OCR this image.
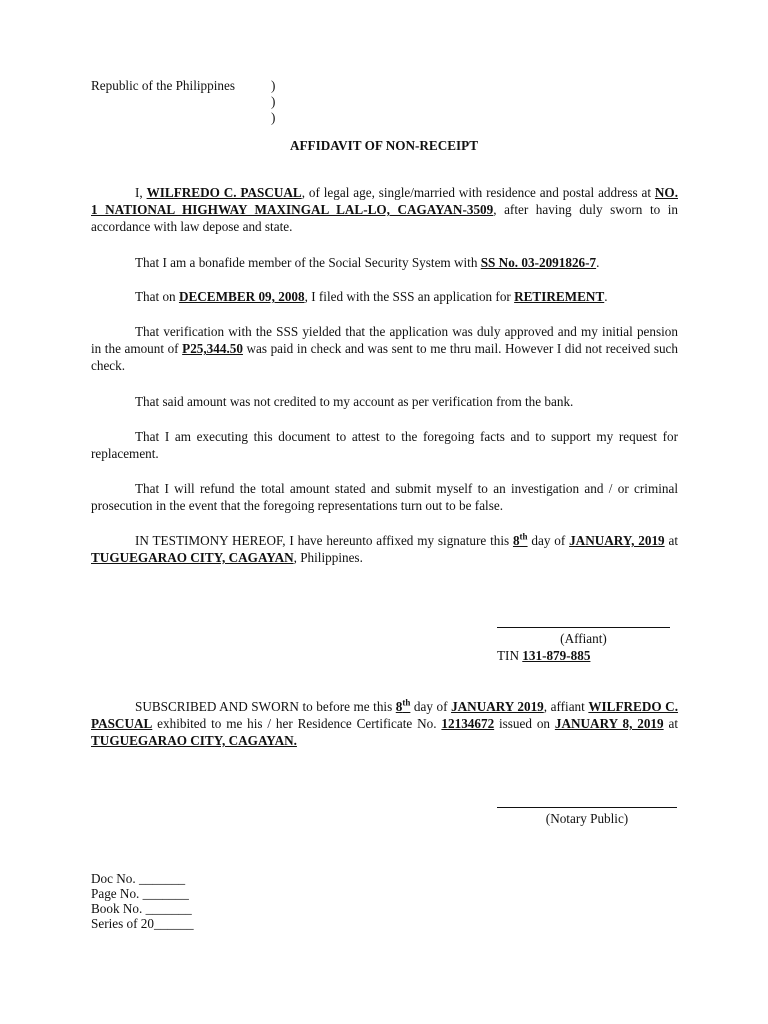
Republic of the Philippines	)
)
)
AFFIDAVIT OF NON-RECEIPT

I, WILFREDO C. PASCUAL, of legal age, single/married with residence and postal address at NO. 1 NATIONAL HIGHWAY MAXINGAL LAL-LO, CAGAYAN-3509, after having duly sworn to in accordance with law depose and state.

That I am a bonafide member of the Social Security System with SS No. 03-2091826-7.

That on DECEMBER 09, 2008, I filed with the SSS an application for RETIREMENT.

That verification with the SSS yielded that the application was duly approved and my initial pension in the amount of P25,344.50 was paid in check and was sent to me thru mail. However I did not received such check.

That said amount was not credited to my account as per verification from the bank.

That I am executing this document to attest to the foregoing facts and to support my request for replacement.

That I will refund the total amount stated and submit myself to an investigation and / or criminal prosecution in the event that the foregoing representations turn out to be false.

IN TESTIMONY HEREOF, I have hereunto affixed my signature this 8th day of JANUARY, 2019 at TUGUEGARAO CITY, CAGAYAN, Philippines.

(Affiant)
TIN 131-879-885

SUBSCRIBED AND SWORN to before me this 8th day of JANUARY 2019, affiant WILFREDO C. PASCUAL exhibited to me his / her Residence Certificate No. 12134672 issued on JANUARY 8, 2019 at TUGUEGARAO CITY, CAGAYAN.

(Notary Public)
Doc No. _______
Page No. _______
Book No. _______
Series of 20______
